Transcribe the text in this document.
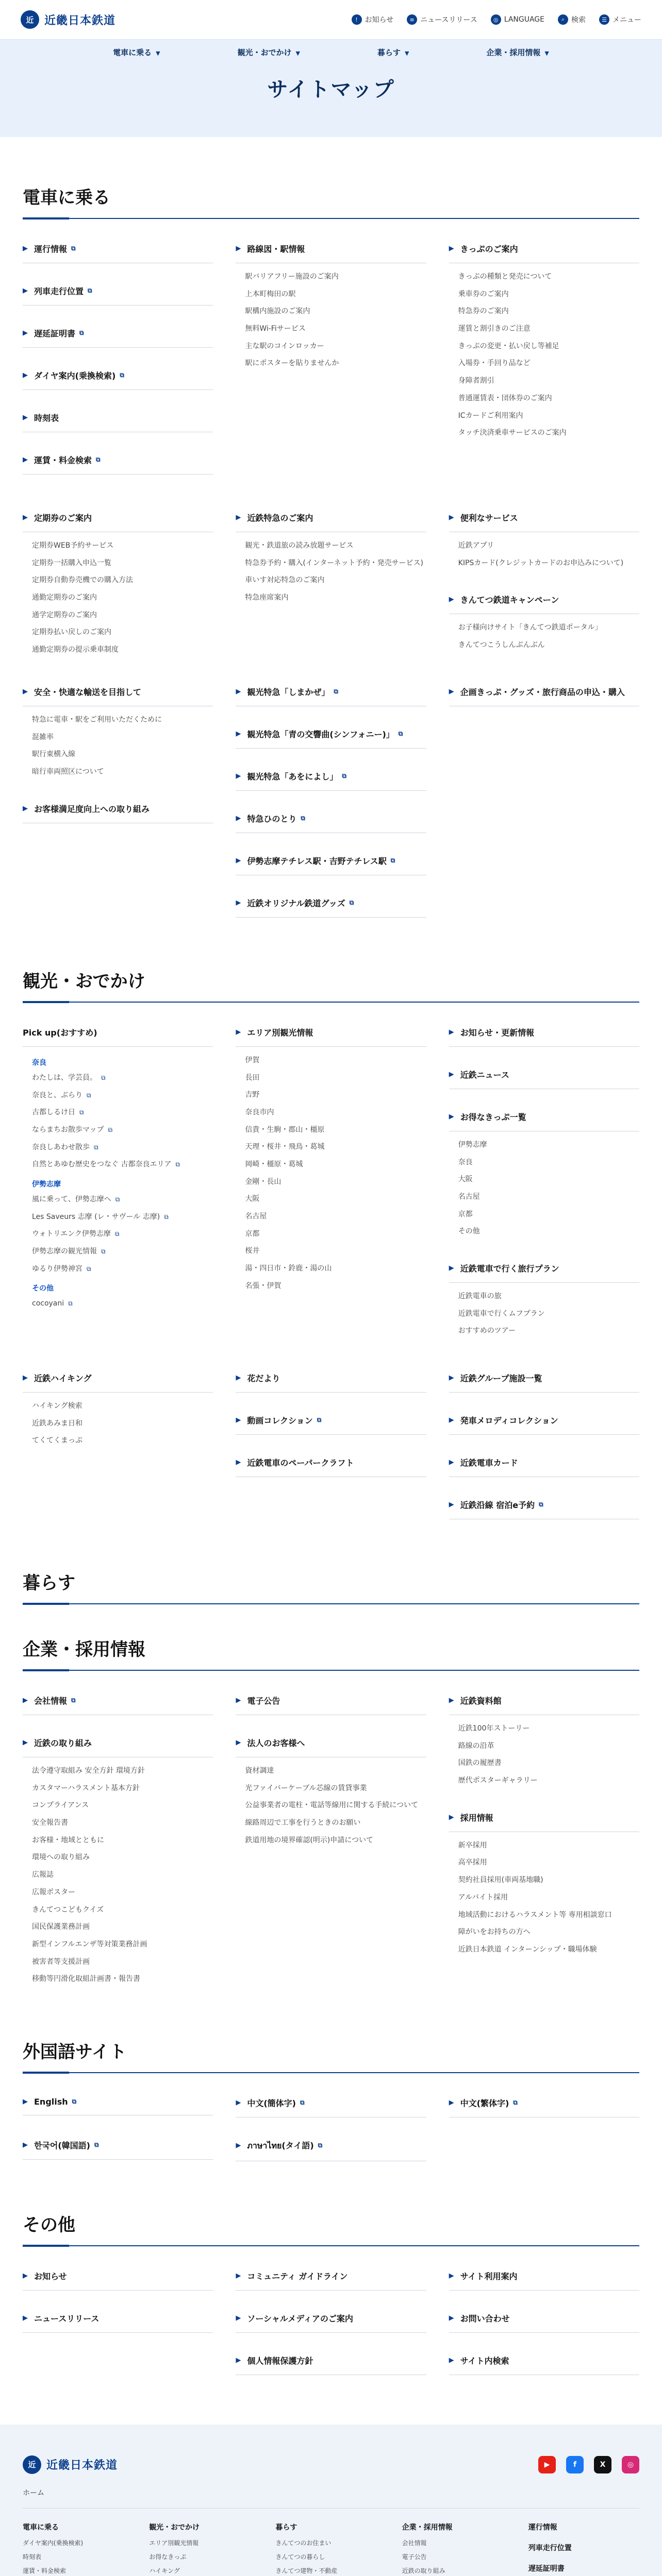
近 近畿日本鉄道	! お知らせ	≡ ニュースリリース	◎ LANGUAGE	⌕ 検索	☰ メニュー
電車に乗る ▼	観光・おでかけ ▼	暮らす ▼	企業・採用情報 ▼
サイトマップ
電車に乗る
▶ 運行情報 ⧉
▶ 列車走行位置 ⧉
▶ 遅延証明書 ⧉
▶ ダイヤ案内(乗換検索) ⧉
▶ 時刻表
▶ 運賃・料金検索 ⧉
▶ 路線図・駅情報
駅バリアフリー施設のご案内
上本町梅田の駅
駅構内施設のご案内
無料Wi-Fiサービス
主な駅のコインロッカー
駅にポスターを貼りませんか
▶ きっぷのご案内
きっぷの種類と発売について
乗車券のご案内
特急券のご案内
運賃と割引きのご注意
きっぷの変更・払い戻し等補足
入場券・手回り品など
身障者割引
普通運賃表・団体券のご案内
ICカードご利用案内
タッチ決済乗車サービスのご案内
▶ 定期券のご案内
定期券WEB予約サービス
定期券一括購入申込一覧
定期券自動券売機での購入方法
通勤定期券のご案内
通学定期券のご案内
定期券払い戻しのご案内
通勤定期券の提示乗車制度
▶ 近鉄特急のご案内
観光・鉄道旅の読み放題サービス
特急券予約・購入(インターネット予約・発売サービス)
車いす対応特急のご案内
特急座席案内
▶ 便利なサービス
近鉄アプリ
KIPSカード(クレジットカードのお申込みについて)
▶ きんてつ鉄道キャンペーン
お子様向けサイト「きんてつ鉄道ポータル」
きんてつこうしんぶんぶん
▶ 安全・快適な輸送を目指して
特急に電車・駅をご利用いただくために
混雑率
駅行東横入線
暗行車両照区について
▶ お客様満足度向上への取り組み
▶ 観光特急「しまかぜ」 ⧉
▶ 観光特急「青の交響曲(シンフォニー)」 ⧉
▶ 観光特急「あをによし」 ⧉
▶ 特急ひのとり ⧉
▶ 伊勢志摩テチレス駅・吉野テチレス駅 ⧉
▶ 近鉄オリジナル鉄道グッズ ⧉
▶ 企画きっぷ・グッズ・旅行商品の申込・購入
観光・おでかけ
Pick up(おすすめ)
奈良
わたしは、学芸員。 ⧉
奈良と、ぶらり ⧉
古都しるけ日 ⧉
ならまちお散歩マップ ⧉
奈良しあわせ散歩 ⧉
自然とあゆむ歴史をつなぐ 古都奈良エリア ⧉
伊勢志摩
風に乗って、伊勢志摩へ ⧉
Les Saveurs 志摩 (レ・サヴール 志摩) ⧉
ウォトリエンク伊勢志摩 ⧉
伊勢志摩の観光情報 ⧉
ゆるり伊勢神宮 ⧉
その他
cocoyani ⧉
▶ エリア別観光情報
伊賀
長田
吉野
奈良市内
信貴・生駒・郡山・橿原
天理・桜井・飛鳥・葛城
岡崎・橿原・葛城
金剛・長山
大阪
名古屋
京都
桜井
湯・四日市・鈴鹿・湯の山
名張・伊賀
▶ お知らせ・更新情報
▶ 近鉄ニュース
▶ お得なきっぷ一覧
伊勢志摩
奈良
大阪
名古屋
京都
その他
▶ 近鉄電車で行く旅行プラン
近鉄電車の旅
近鉄電車で行くムフプラン
おすすめのツアー
▶ 近鉄ハイキング
ハイキング検索
近鉄あみま日和
てくてくまっぷ
▶ 花だより
▶ 動画コレクション ⧉
▶ 近鉄電車のペーパークラフト
▶ 近鉄グループ施設一覧
▶ 発車メロディコレクション
▶ 近鉄電車カード
▶ 近鉄沿線 宿泊e予約 ⧉
暮らす
企業・採用情報
▶ 会社情報 ⧉
▶ 近鉄の取り組み
法令遵守取組み 安全方針 環境方針
カスタマーハラスメント基本方針
コンプライアンス
安全報告書
お客様・地域とともに
環境への取り組み
広報誌
広報ポスター
きんてつこどもクイズ
国民保護業務計画
新型インフルエンザ等対策業務計画
被害者等支援計画
移動等円滑化取組計画書・報告書
▶ 電子公告
▶ 法人のお客様へ
資材調達
光ファイバーケーブル芯線の賃貸事業
公益事業者の電柱・電話等線用に関する手続について
線路周辺で工事を行うときのお願い
鉄道用地の境界確認(明示)申請について
▶ 近鉄資料館
近鉄100年ストーリー
路線の沿革
国鉄の履歴書
歴代ポスターギャラリー
▶ 採用情報
新卒採用
高卒採用
契約社員採用(車両基地職)
アルバイト採用
地域活動におけるハラスメント等 専用相談窓口
障がいをお持ちの方へ
近鉄日本鉄道 インターンシップ・職場体験
外国語サイト
▶ English ⧉	▶ 中文(簡体字) ⧉	▶ 中文(繁体字) ⧉
▶ 한국어(韓国語) ⧉	▶ ภาษาไทย(タイ語) ⧉
その他
▶ お知らせ	▶ コミュニティ ガイドライン	▶ サイト利用案内
▶ ニュースリリース	▶ ソーシャルメディアのご案内	▶ お問い合わせ
▶ 個人情報保護方針	▶ サイト内検索
近 近畿日本鉄道	▶	f	X	◎
ホーム
電車に乗る
ダイヤ案内(乗換検索)
時刻表
運賃・料金検索
観光・おでかけ
エリア別観光情報
お得なきっぷ
ハイキング
暮らす
きんてつのお住まい
きんてつの暮らし
きんてつ建物・不動産
企業・採用情報
会社情報
電子公告
近鉄の取り組み
運行情報
列車走行位置
遅延証明書
